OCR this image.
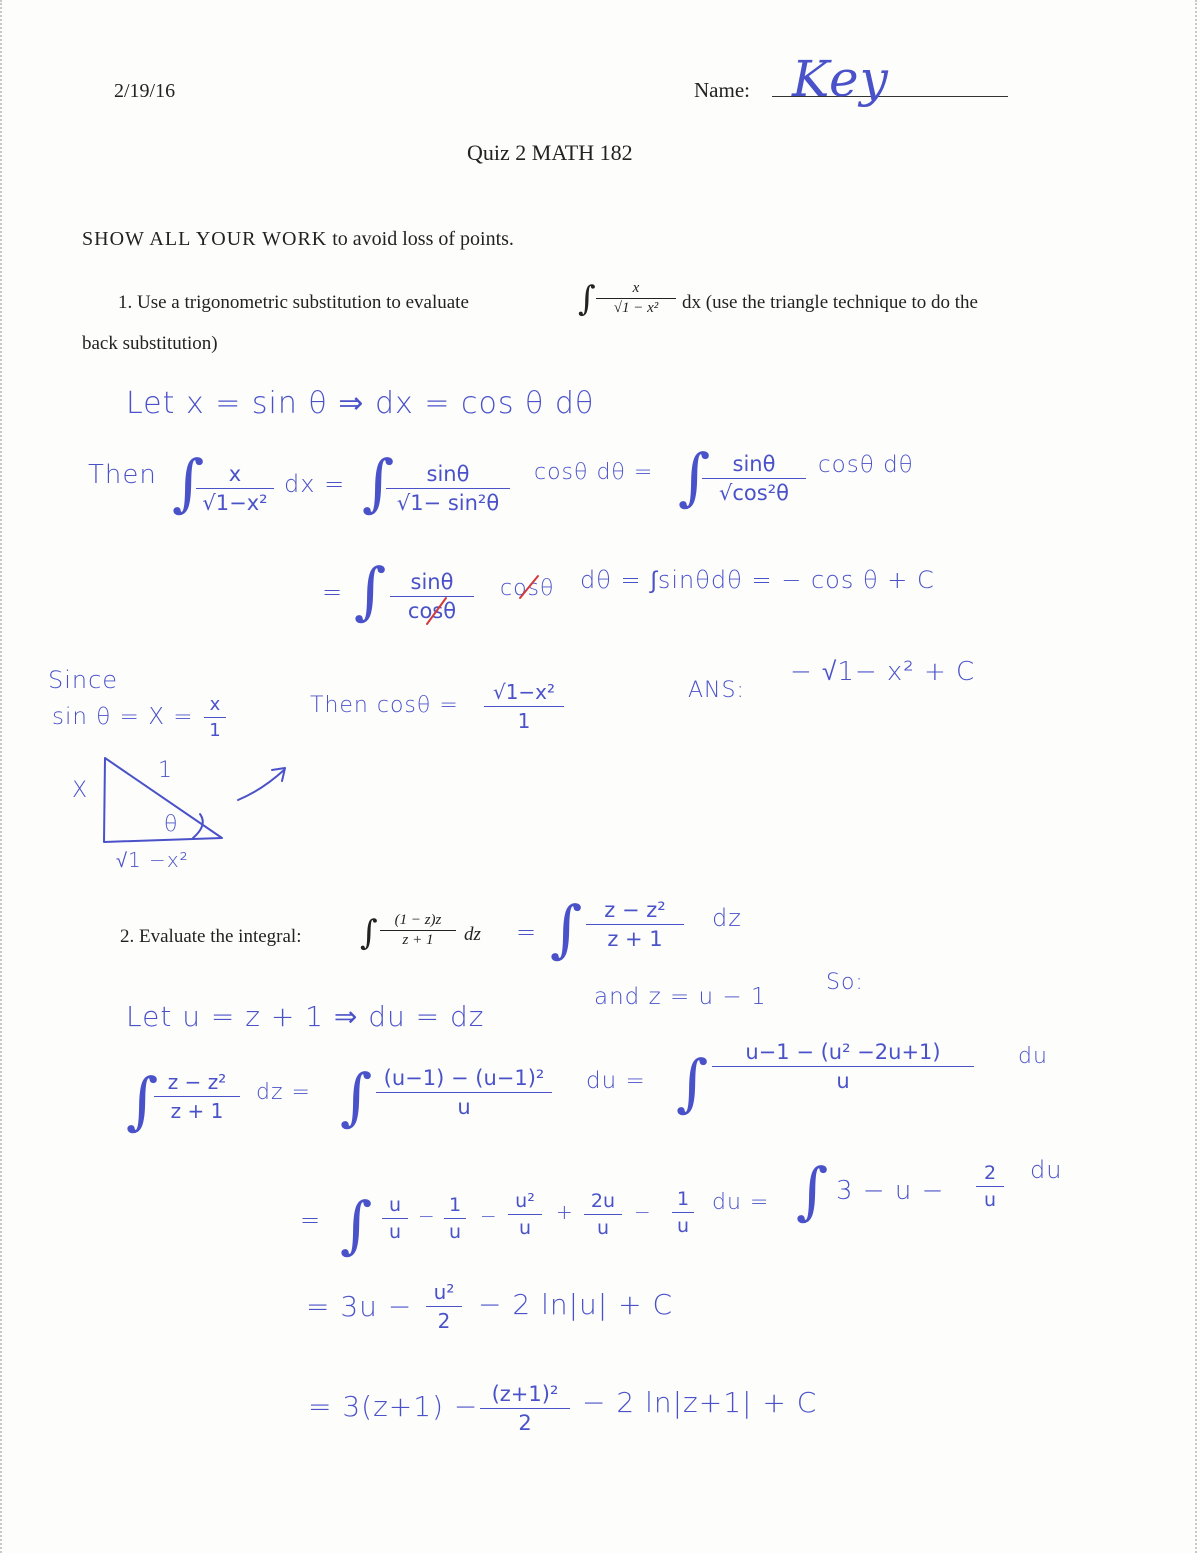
2/19/16	Name: Key
Quiz 2 MATH 182
SHOW ALL YOUR WORK to avoid loss of points.
1. Use a trigonometric substitution to evaluate	∫	x
√1 − x²	dx (use the triangle technique to do the
back substitution)
Let x = sin θ ⇒ dx = cos θ dθ
Then ∫	x
√1−x²
dx = ∫	sinθ
√1− sin²θ
cosθ dθ = ∫	sinθ
√cos²θ
cosθ dθ
= ∫	sinθ
cosθ
cosθ dθ = ∫sinθdθ = − cos θ + C
Since
sin θ = X = x
1
Then cosθ =
√1−x²
1
ANS:
− √1− x² + C
X
1
θ
√1 −x²
2. Evaluate the integral: ∫	(1 − z)z
z + 1	dz = ∫	z − z²
z + 1
dz
Let u = z + 1 ⇒ du = dz
and z = u − 1
So:
∫ z − z²
z + 1
dz = ∫ (u−1) − (u−1)²
u
du = ∫	u−1 − (u² −2u+1)
u
du
= ∫ u
u
− 1
u
−
u²
u
+ 2u
u
−
1
u
du = ∫ 3 − u −
2
u
du
= 3u −	u²
2 − 2 ln|u| + C
= 3(z+1) − (z+1)²
2
− 2 ln|z+1| + C
